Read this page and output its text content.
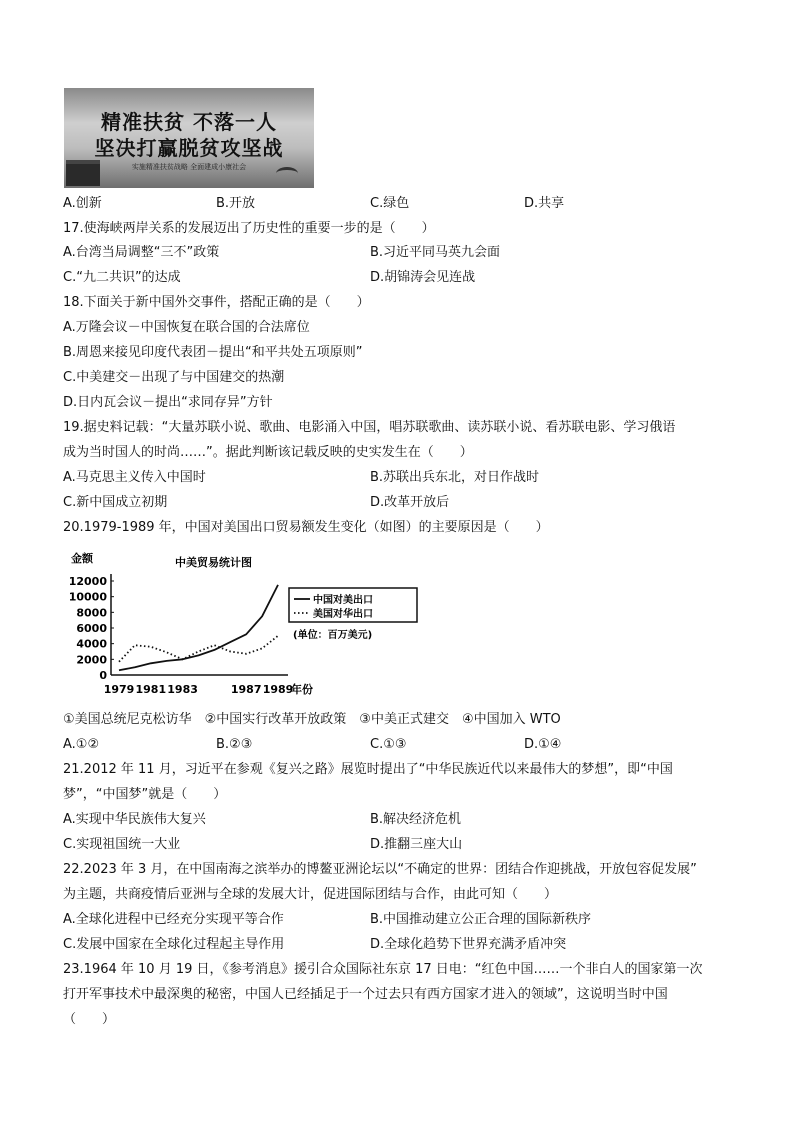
精准扶贫 不落一人
坚决打赢脱贫攻坚战
实施精准扶贫战略 全面建成小康社会
A.创新	B.开放	C.绿色	D.共享
17.使海峡两岸关系的发展迈出了历史性的重要一步的是（　　）
A.台湾当局调整“三不”政策	B.习近平同马英九会面
C.“九二共识”的达成	D.胡锦涛会见连战
18.下面关于新中国外交事件，搭配正确的是（　　）
A.万隆会议－中国恢复在联合国的合法席位
B.周恩来接见印度代表团－提出“和平共处五项原则”
C.中美建交－出现了与中国建交的热潮
D.日内瓦会议－提出“求同存异”方针
19.据史料记载：“大量苏联小说、歌曲、电影涌入中国，唱苏联歌曲、读苏联小说、看苏联电影、学习俄语
成为当时国人的时尚……”。据此判断该记载反映的史实发生在（　　）
A.马克思主义传入中国时	B.苏联出兵东北，对日作战时
C.新中国成立初期	D.改革开放后
20.1979-1989 年，中国对美国出口贸易额发生变化（如图）的主要原因是（　　）
金额	中美贸易统计图
0
2000
4000
6000
8000
10000
12000
1979 1981 1983	1987 1989
年份
中国对美出口
美国对华出口
(单位：百万美元)
①美国总统尼克松访华　②中国实行改革开放政策　③中美正式建交　④中国加入 WTO
A.①②	B.②③	C.①③	D.①④
21.2012 年 11 月，习近平在参观《复兴之路》展览时提出了“中华民族近代以来最伟大的梦想”，即“中国
梦”，“中国梦”就是（　　）
A.实现中华民族伟大复兴	B.解决经济危机
C.实现祖国统一大业	D.推翻三座大山
22.2023 年 3 月，在中国南海之滨举办的博鳌亚洲论坛以“不确定的世界：团结合作迎挑战，开放包容促发展”
为主题，共商疫情后亚洲与全球的发展大计，促进国际团结与合作，由此可知（　　）
A.全球化进程中已经充分实现平等合作	B.中国推动建立公正合理的国际新秩序
C.发展中国家在全球化过程起主导作用	D.全球化趋势下世界充满矛盾冲突
23.1964 年 10 月 19 日，《参考消息》援引合众国际社东京 17 日电：“红色中国……一个非白人的国家第一次
打开军事技术中最深奥的秘密，中国人已经插足于一个过去只有西方国家才进入的领域”，这说明当时中国
（　　）
